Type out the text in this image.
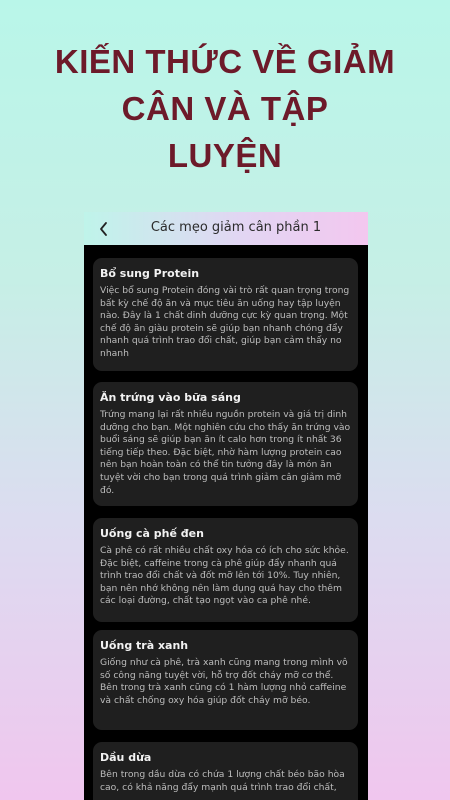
KIẾN THỨC VỀ GIẢM
CÂN VÀ TẬP
LUYỆN
Các mẹo giảm cân phần 1
Bổ sung Protein
Việc bổ sung Protein đóng vài trò rất quan trọng trong bất kỳ chế độ ăn và mục tiêu ăn uống hay tập luyện nào. Đây là 1 chất dinh dưỡng cực kỳ quan trọng. Một chế độ ăn giàu protein sẽ giúp bạn nhanh chóng đẩy nhanh quá trình trao đổi chất, giúp bạn cảm thấy no nhanh
Ăn trứng vào bữa sáng
Trứng mang lại rất nhiều nguồn protein và giá trị dinh dưỡng cho bạn. Một nghiên cứu cho thấy ăn trứng vào buổi sáng sẽ giúp bạn ăn ít calo hơn trong ít nhất 36 tiếng tiếp theo. Đặc biệt, nhờ hàm lượng protein cao nên bạn hoàn toàn có thể tin tưởng đây là món ăn tuyệt vời cho bạn trong quá trình giảm cân giảm mỡ đó.
Uống cà phế đen
Cà phê có rất nhiều chất oxy hóa có ích cho sức khỏe. Đặc biệt, caffeine trong cà phê giúp đẩy nhanh quá trình trao đổi chất và đốt mỡ lên tới 10%. Tuy nhiên, bạn nên nhớ không nên làm dụng quá hay cho thêm các loại đường, chất tạo ngọt vào ca phê nhé.
Uống trà xanh
Giống như cà phê, trà xanh cũng mang trong mình vô số công năng tuyệt vời, hỗ trợ đốt cháy mỡ cơ thể. Bên trong trà xanh cũng có 1 hàm lượng nhỏ caffeine và chất chống oxy hóa giúp đốt cháy mỡ béo.
Dầu dừa
Bên trong dầu dừa có chứa 1 lượng chất béo bão hòa cao, có khả năng đẩy mạnh quá trình trao đổi chất,
